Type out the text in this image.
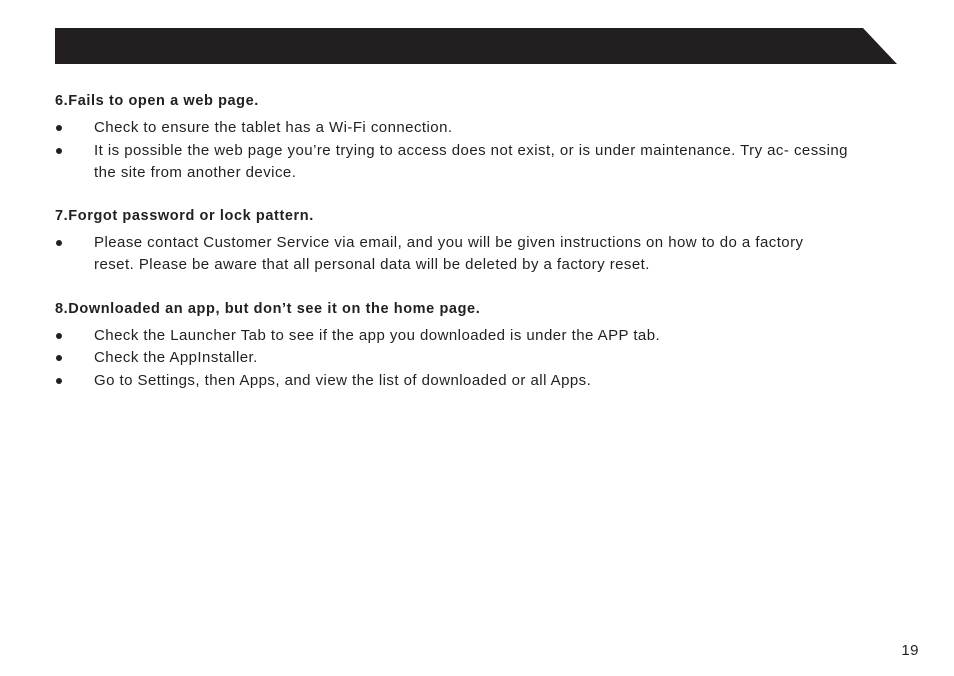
6.Fails to open a web page.
Check to ensure the tablet has a Wi-Fi connection.
It is possible the web page you’re trying to access does not exist, or is under maintenance. Try ac- cessing the site from another device.
7.Forgot password or lock pattern.
Please contact Customer Service via email, and you will be given instructions on how to do a factory reset. Please be aware that all personal data will be deleted by a factory reset.
8.Downloaded an app, but don’t see it on the home page.
Check the Launcher Tab to see if the app you downloaded is under the APP tab.
Check the AppInstaller.
Go to Settings, then Apps, and view the list of downloaded or all Apps.
19
